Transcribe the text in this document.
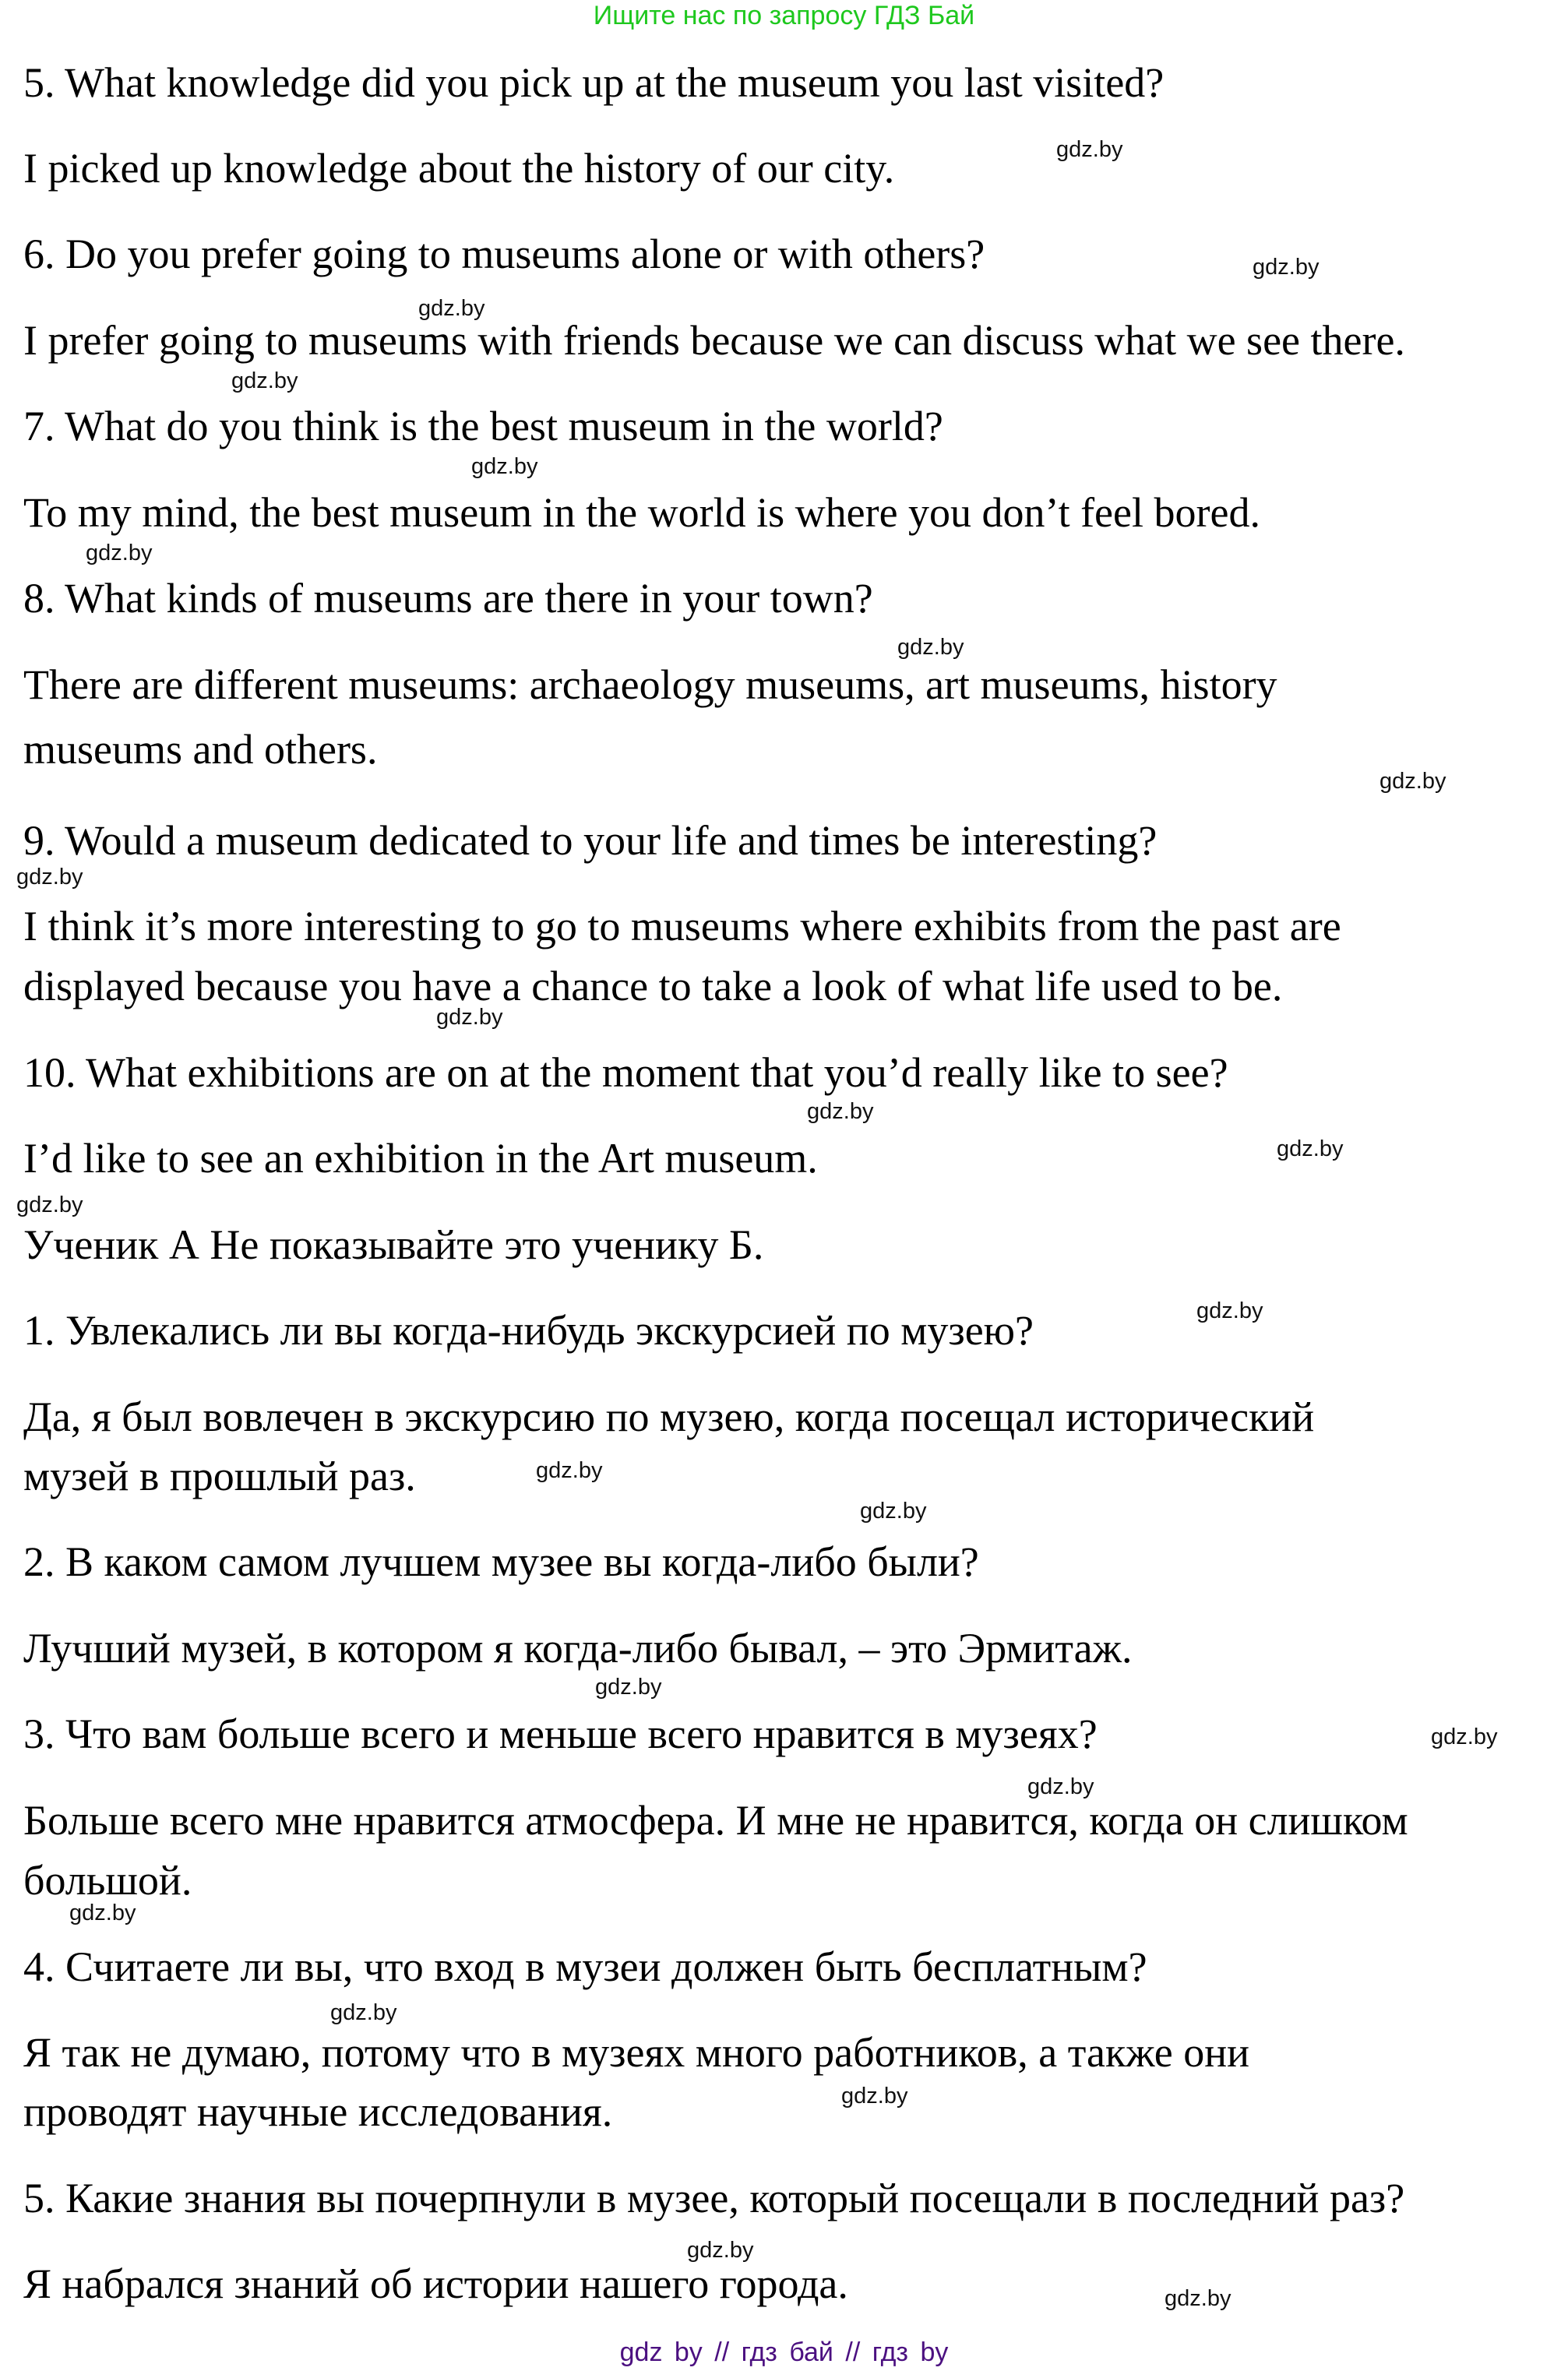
Ищите нас по запросу ГДЗ Бай
5. What knowledge did you pick up at the museum you last visited?
I picked up knowledge about the history of our city.
6. Do you prefer going to museums alone or with others?
I prefer going to museums with friends because we can discuss what we see there.
7. What do you think is the best museum in the world?
To my mind, the best museum in the world is where you don’t feel bored.
8. What kinds of museums are there in your town?
There are different museums: archaeology museums, art museums, history
museums and others.
9. Would a museum dedicated to your life and times be interesting?
I think it’s more interesting to go to museums where exhibits from the past are
displayed because you have a chance to take a look of what life used to be.
10. What exhibitions are on at the moment that you’d really like to see?
I’d like to see an exhibition in the Art museum.
Ученик А Не показывайте это ученику Б.
1. Увлекались ли вы когда-нибудь экскурсией по музею?
Да, я был вовлечен в экскурсию по музею, когда посещал исторический
музей в прошлый раз.
2. В каком самом лучшем музее вы когда-либо были?
Лучший музей, в котором я когда-либо бывал, – это Эрмитаж.
3. Что вам больше всего и меньше всего нравится в музеях?
Больше всего мне нравится атмосфера. И мне не нравится, когда он слишком
большой.
4. Считаете ли вы, что вход в музеи должен быть бесплатным?
Я так не думаю, потому что в музеях много работников, а также они
проводят научные исследования.
5. Какие знания вы почерпнули в музее, который посещали в последний раз?
Я набрался знаний об истории нашего города.
gdz.by
gdz.by
gdz.by
gdz.by
gdz.by
gdz.by
gdz.by
gdz.by
gdz.by
gdz.by
gdz.by
gdz.by
gdz.by
gdz.by
gdz.by
gdz.by
gdz.by
gdz.by
gdz.by
gdz.by
gdz.by
gdz.by
gdz.by
gdz.by
gdz by // гдз бай // гдз by
